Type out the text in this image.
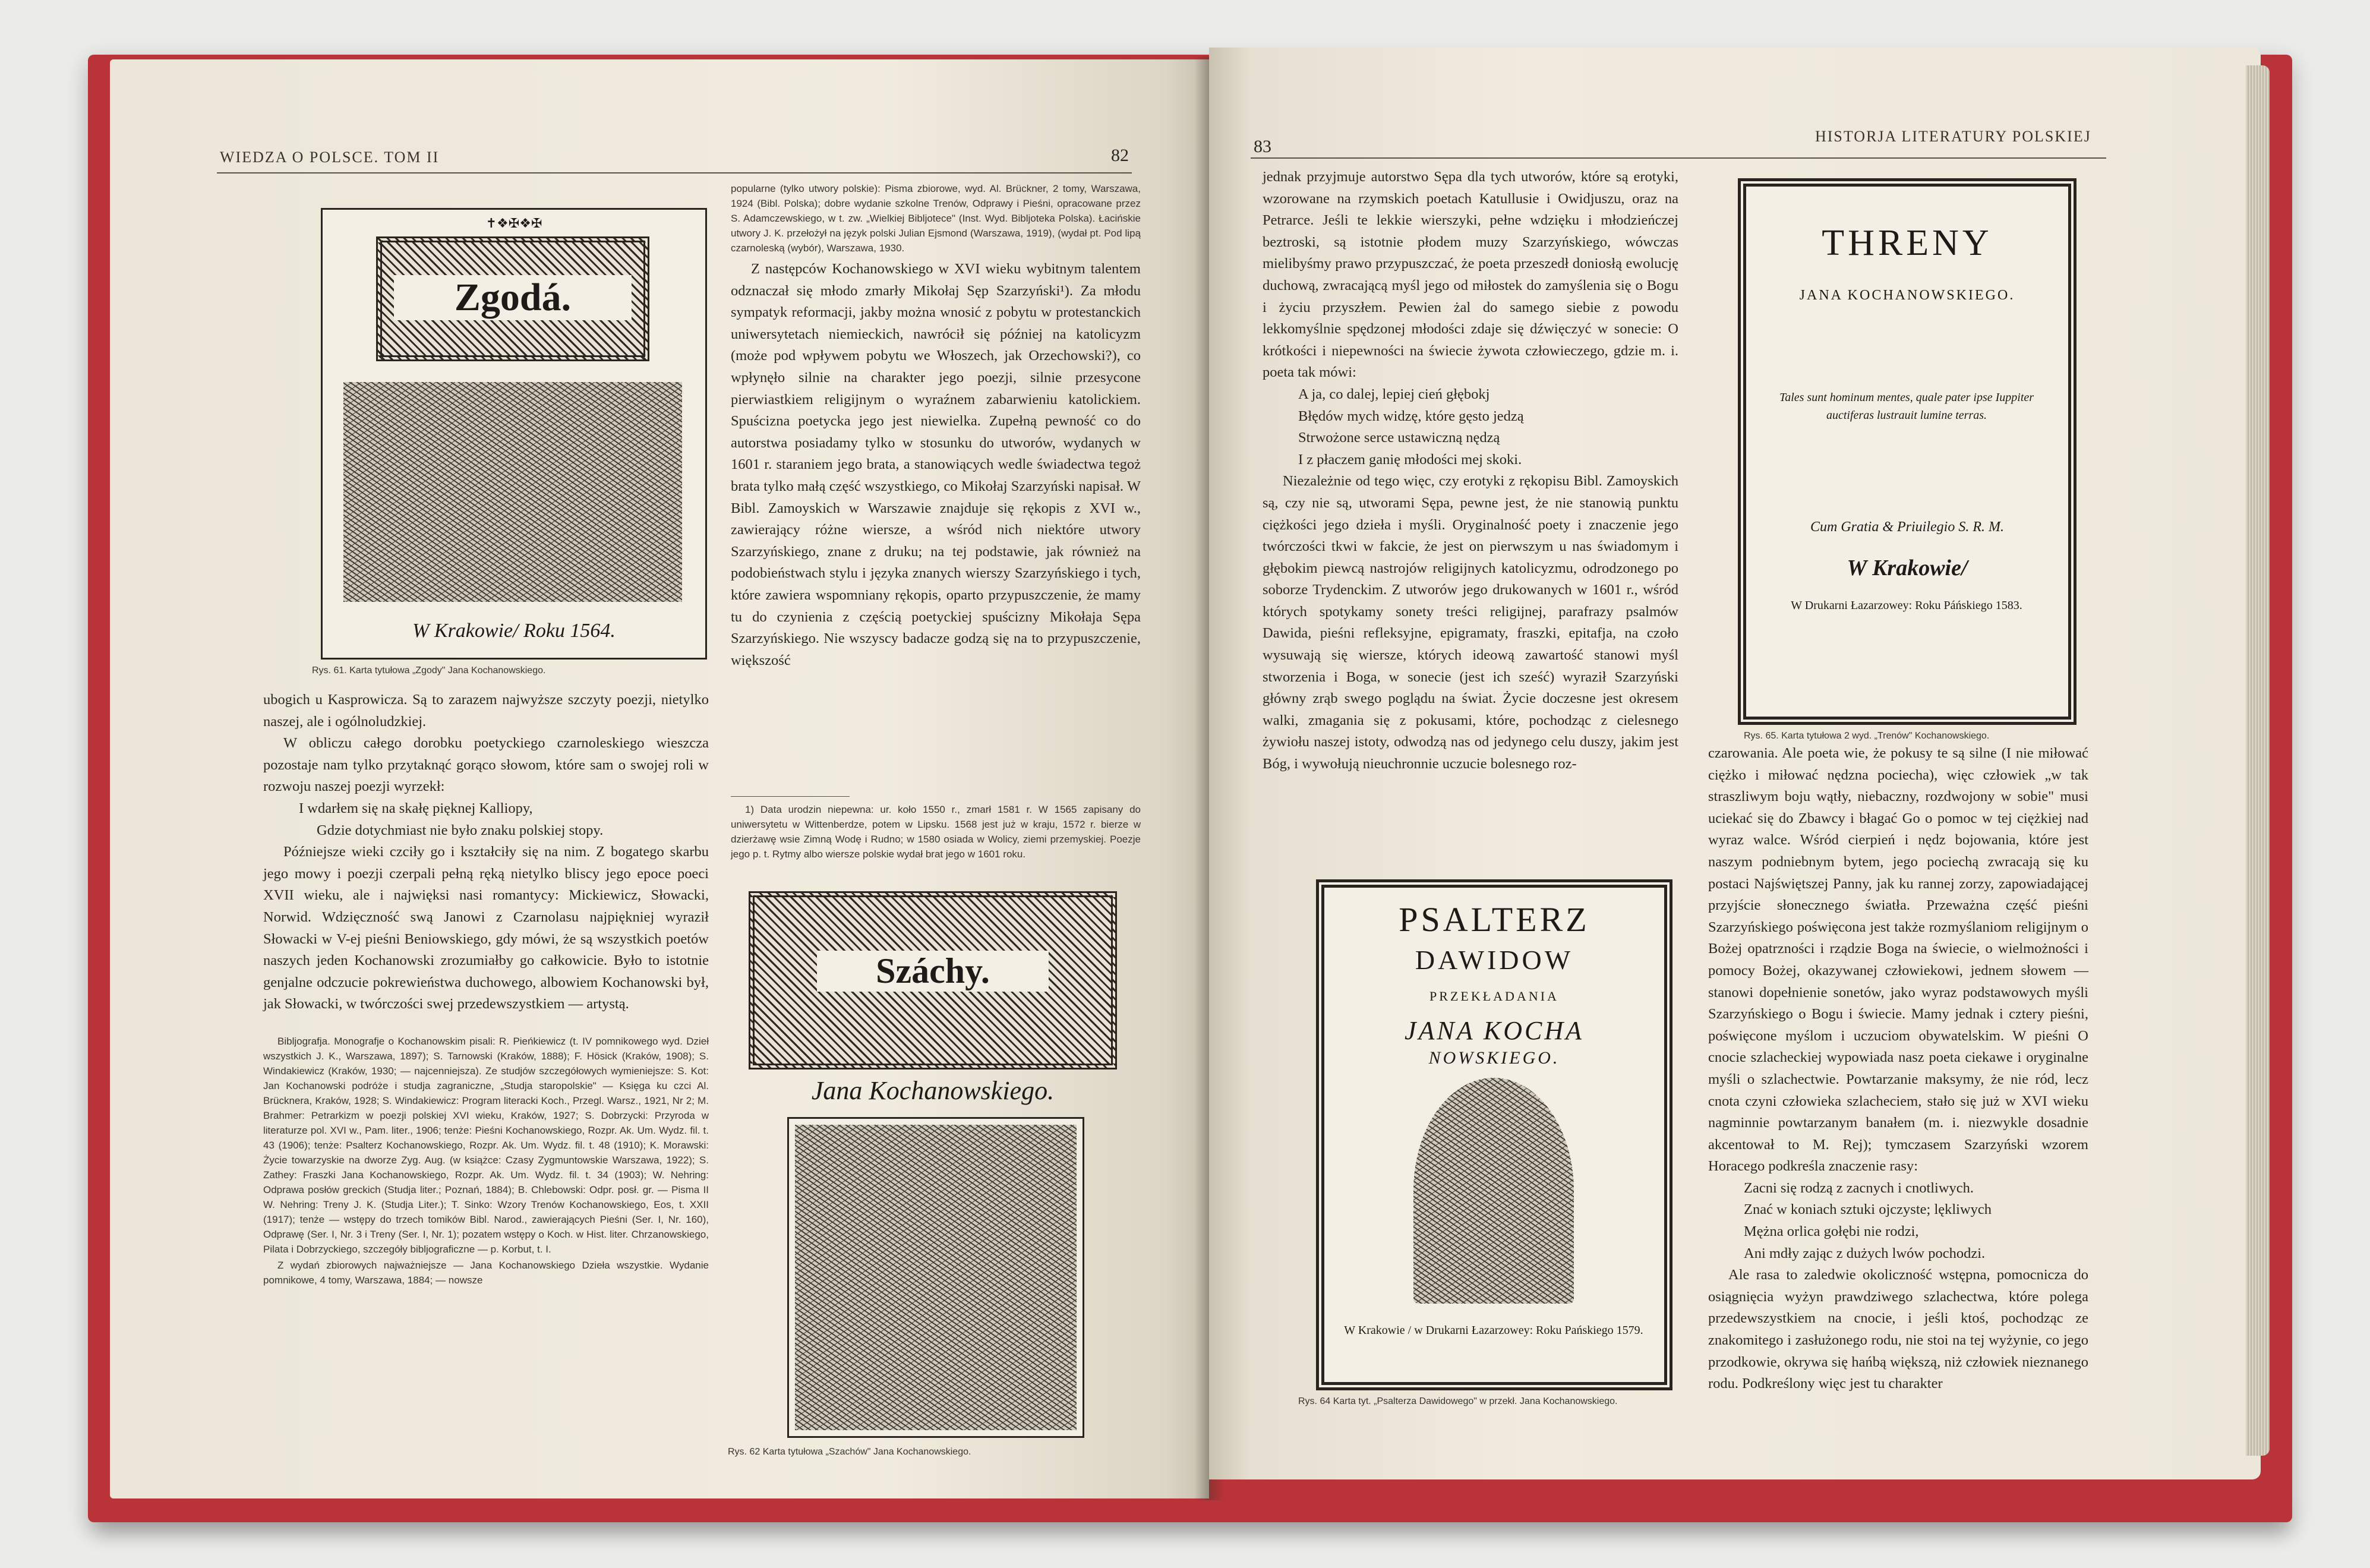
WIEDZA O POLSCE. TOM II	82
✝❖✠❖✠
Zgodá.
W Krakowie/ Roku 1564.
Rys. 61. Karta tytułowa „Zgody" Jana Kochanowskiego.

ubogich u Kasprowicza. Są to zarazem najwyższe szczyty poezji, nietylko naszej, ale i ogólnoludzkiej.

W obliczu całego dorobku poetyckiego czarnoleskiego wieszcza pozostaje nam tylko przytaknąć gorąco słowom, które sam o swojej roli w rozwoju naszej poezji wyrzekł:

I wdarłem się na skałę pięknej Kalliopy,

Gdzie dotychmiast nie było znaku polskiej stopy.

Późniejsze wieki czciły go i kształciły się na nim. Z bogatego skarbu jego mowy i poezji czerpali pełną ręką nietylko bliscy jego epoce poeci XVII wieku, ale i najwięksi nasi romantycy: Mickiewicz, Słowacki, Norwid. Wdzięczność swą Janowi z Czarnolasu najpiękniej wyraził Słowacki w V-ej pieśni Beniowskiego, gdy mówi, że są wszystkich poetów naszych jeden Kochanowski zrozumiałby go całkowicie. Było to istotnie genjalne odczucie pokrewieństwa duchowego, albowiem Kochanowski był, jak Słowacki, w twórczości swej przedewszystkiem — artystą.

Bibljografja. Monografje o Kochanowskim pisali: R. Pieńkiewicz (t. IV pomnikowego wyd. Dzieł wszystkich J. K., Warszawa, 1897); S. Tarnowski (Kraków, 1888); F. Hösick (Kraków, 1908); S. Windakiewicz (Kraków, 1930; — najcenniejsza). Ze studjów szczegółowych wymieniejsze: S. Kot: Jan Kochanowski podróże i studja zagraniczne, „Studja staropolskie" — Księga ku czci Al. Brücknera, Kraków, 1928; S. Windakiewicz: Program literacki Koch., Przegl. Warsz., 1921, Nr 2; M. Brahmer: Petrarkizm w poezji polskiej XVI wieku, Kraków, 1927; S. Dobrzycki: Przyroda w literaturze pol. XVI w., Pam. liter., 1906; tenże: Pieśni Kochanowskiego, Rozpr. Ak. Um. Wydz. fil. t. 43 (1906); tenże: Psalterz Kochanowskiego, Rozpr. Ak. Um. Wydz. fil. t. 48 (1910); K. Morawski: Życie towarzyskie na dworze Zyg. Aug. (w książce: Czasy Zygmuntowskie Warszawa, 1922); S. Zathey: Fraszki Jana Kochanowskiego, Rozpr. Ak. Um. Wydz. fil. t. 34 (1903); W. Nehring: Odprawa posłów greckich (Studja liter.; Poznań, 1884); B. Chlebowski: Odpr. posł. gr. — Pisma II W. Nehring: Treny J. K. (Studja Liter.); T. Sinko: Wzory Trenów Kochanowskiego, Eos, t. XXII (1917); tenże — wstępy do trzech tomików Bibl. Narod., zawierających Pieśni (Ser. I, Nr. 160), Odprawę (Ser. I, Nr. 3 i Treny (Ser. I, Nr. 1); pozatem wstępy o Koch. w Hist. liter. Chrzanowskiego, Pilata i Dobrzyckiego, szczegóły bibljograficzne — p. Korbut, t. I.

Z wydań zbiorowych najważniejsze — Jana Kochanowskiego Dzieła wszystkie. Wydanie pomnikowe, 4 tomy, Warszawa, 1884; — nowsze

popularne (tylko utwory polskie): Pisma zbiorowe, wyd. Al. Brückner, 2 tomy, Warszawa, 1924 (Bibl. Polska); dobre wydanie szkolne Trenów, Odprawy i Pieśni, opracowane przez S. Adamczewskiego, w t. zw. „Wielkiej Bibljotece" (Inst. Wyd. Bibljoteka Polska). Łacińskie utwory J. K. przełożył na język polski Julian Ejsmond (Warszawa, 1919), (wydał pt. Pod lipą czarnoleską (wybór), Warszawa, 1930.

Z następców Kochanowskiego w XVI wieku wybitnym talentem odznaczał się młodo zmarły Mikołaj Sęp Szarzyński¹). Za młodu sympatyk reformacji, jakby można wnosić z pobytu w protestanckich uniwersytetach niemieckich, nawrócił się później na katolicyzm (może pod wpływem pobytu we Włoszech, jak Orzechowski?), co wpłynęło silnie na charakter jego poezji, silnie przesycone pierwiastkiem religijnym o wyraźnem zabarwieniu katolickiem. Spuścizna poetycka jego jest niewielka. Zupełną pewność co do autorstwa posiadamy tylko w stosunku do utworów, wydanych w 1601 r. staraniem jego brata, a stanowiących wedle świadectwa tegoż brata tylko małą część wszystkiego, co Mikołaj Szarzyński napisał. W Bibl. Zamoyskich w Warszawie znajduje się rękopis z XVI w., zawierający różne wiersze, a wśród nich niektóre utwory Szarzyńskiego, znane z druku; na tej podstawie, jak również na podobieństwach stylu i języka znanych wierszy Szarzyńskiego i tych, które zawiera wspomniany rękopis, oparto przypuszczenie, że mamy tu do czynienia z częścią poetyckiej spuścizny Mikołaja Sępa Szarzyńskiego. Nie wszyscy badacze godzą się na to przypuszczenie, większość

1) Data urodzin niepewna: ur. koło 1550 r., zmarł 1581 r. W 1565 zapisany do uniwersytetu w Wittenberdze, potem w Lipsku. 1568 jest już w kraju, 1572 r. bierze w dzierżawę wsie Zimną Wodę i Rudno; w 1580 osiada w Wolicy, ziemi przemyskiej. Poezje jego p. t. Rytmy albo wiersze polskie wydał brat jego w 1601 roku.

Száchy.
Jana Kochanowskiego.
Rys. 62 Karta tytułowa „Szachów" Jana Kochanowskiego.
83
HISTORJA LITERATURY POLSKIEJ

jednak przyjmuje autorstwo Sępa dla tych utworów, które są erotyki, wzorowane na rzymskich poetach Katullusie i Owidjuszu, oraz na Petrarce. Jeśli te lekkie wierszyki, pełne wdzięku i młodzieńczej beztroski, są istotnie płodem muzy Szarzyńskiego, wówczas mielibyśmy prawo przypuszczać, że poeta przeszedł doniosłą ewolucję duchową, zwracającą myśl jego od miłostek do zamyślenia się o Bogu i życiu przyszłem. Pewien żal do samego siebie z powodu lekkomyślnie spędzonej młodości zdaje się dźwięczyć w sonecie: O krótkości i niepewności na świecie żywota człowieczego, gdzie m. i. poeta tak mówi:

A ja, co dalej, lepiej cień głębokj

Błędów mych widzę, które gęsto jedzą

Strwożone serce ustawiczną nędzą

I z płaczem ganię młodości mej skoki.

Niezależnie od tego więc, czy erotyki z rękopisu Bibl. Zamoyskich są, czy nie są, utworami Sępa, pewne jest, że nie stanowią punktu ciężkości jego dzieła i myśli. Oryginalność poety i znaczenie jego twórczości tkwi w fakcie, że jest on pierwszym u nas świadomym i głębokim piewcą nastrojów religijnych katolicyzmu, odrodzonego po soborze Trydenckim. Z utworów jego drukowanych w 1601 r., wśród których spotykamy sonety treści religijnej, parafrazy psalmów Dawida, pieśni refleksyjne, epigramaty, fraszki, epitafja, na czoło wysuwają się wiersze, których ideową zawartość stanowi myśl stworzenia i Boga, w sonecie (jest ich sześć) wyraził Szarzyński główny zrąb swego poglądu na świat. Życie doczesne jest okresem walki, zmagania się z pokusami, które, pochodząc z cielesnego żywiołu naszej istoty, odwodzą nas od jedynego celu duszy, jakim jest Bóg, i wywołują nieuchronnie uczucie bolesnego roz-

THRENY
JANA KOCHANOWSKIEGO.
Tales sunt hominum mentes, quale pater ipse Iuppiter auctiferas lustrauit lumine terras.
Cum Gratia & Priuilegio S. R. M.
W Krakowie/
W Drukarni Łazarzowey: Roku Páńskiego 1583.
Rys. 65. Karta tytułowa 2 wyd. „Trenów" Kochanowskiego.
PSALTERZ
DAWIDOW
PRZEKŁADANIA
JANA KOCHA
NOWSKIEGO.
W Krakowie / w Drukarni Łazarzowey: Roku Pańskiego 1579.
Rys. 64 Karta tyt. „Psalterza Dawidowego" w przekł. Jana Kochanowskiego.

czarowania. Ale poeta wie, że pokusy te są silne (I nie miłować ciężko i miłować nędzna pociecha), więc człowiek „w tak straszliwym boju wątły, niebaczny, rozdwojony w sobie" musi uciekać się do Zbawcy i błagać Go o pomoc w tej ciężkiej nad wyraz walce. Wśród cierpień i nędz bojowania, które jest naszym podniebnym bytem, jego pociechą zwracają się ku postaci Najświętszej Panny, jak ku rannej zorzy, zapowiadającej przyjście słonecznego światła. Przeważna część pieśni Szarzyńskiego poświęcona jest także rozmyślaniom religijnym o Bożej opatrzności i rządzie Boga na świecie, o wielmożności i pomocy Bożej, okazywanej człowiekowi, jednem słowem — stanowi dopełnienie sonetów, jako wyraz podstawowych myśli Szarzyńskiego o Bogu i świecie. Mamy jednak i cztery pieśni, poświęcone myślom i uczuciom obywatelskim. W pieśni O cnocie szlacheckiej wypowiada nasz poeta ciekawe i oryginalne myśli o szlachectwie. Powtarzanie maksymy, że nie ród, lecz cnota czyni człowieka szlacheciem, stało się już w XVI wieku nagminnie powtarzanym banałem (m. i. niezwykle dosadnie akcentował to M. Rej); tymczasem Szarzyński wzorem Horacego podkreśla znaczenie rasy:

Zacni się rodzą z zacnych i cnotliwych.

Znać w koniach sztuki ojczyste; lękliwych

Mężna orlica gołębi nie rodzi,

Ani mdły zając z dużych lwów pochodzi.

Ale rasa to zaledwie okoliczność wstępna, pomocnicza do osiągnięcia wyżyn prawdziwego szlachectwa, które polega przedewszystkiem na cnocie, i jeśli ktoś, pochodząc ze znakomitego i zasłużonego rodu, nie stoi na tej wyżynie, co jego przodkowie, okrywa się hańbą większą, niż człowiek nieznanego rodu. Podkreślony więc jest tu charakter
